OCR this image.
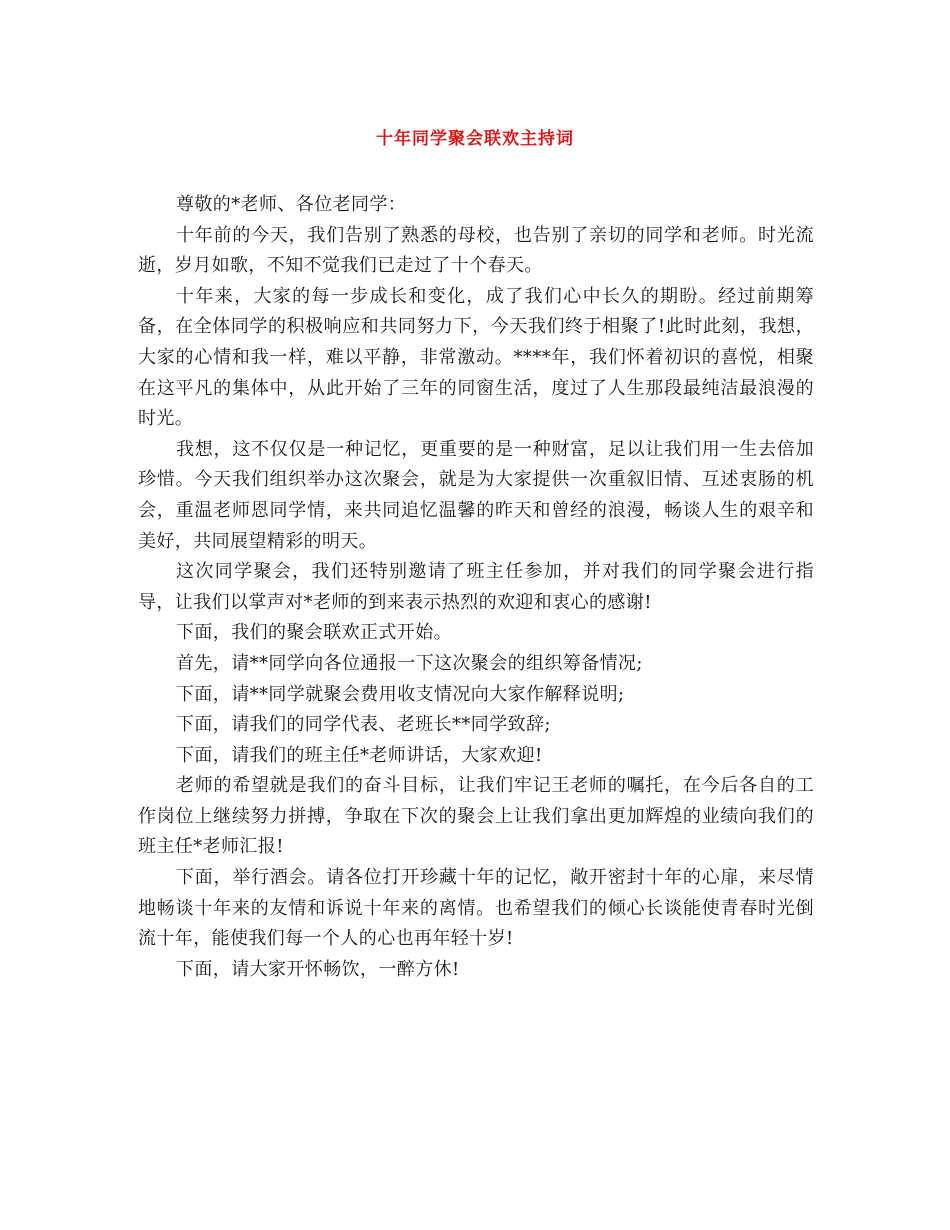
十年同学聚会联欢主持词

尊敬的*老师、各位老同学：

十年前的今天，我们告别了熟悉的母校，也告别了亲切的同学和老师。时光流逝，岁月如歌，不知不觉我们已走过了十个春天。

十年来，大家的每一步成长和变化，成了我们心中长久的期盼。经过前期筹备，在全体同学的积极响应和共同努力下，今天我们终于相聚了!此时此刻，我想，大家的心情和我一样，难以平静，非常激动。****年，我们怀着初识的喜悦，相聚在这平凡的集体中，从此开始了三年的同窗生活，度过了人生那段最纯洁最浪漫的时光。

我想，这不仅仅是一种记忆，更重要的是一种财富，足以让我们用一生去倍加珍惜。今天我们组织举办这次聚会，就是为大家提供一次重叙旧情、互述衷肠的机会，重温老师恩同学情，来共同追忆温馨的昨天和曾经的浪漫，畅谈人生的艰辛和美好，共同展望精彩的明天。

这次同学聚会，我们还特别邀请了班主任参加，并对我们的同学聚会进行指导，让我们以掌声对*老师的到来表示热烈的欢迎和衷心的感谢!

下面，我们的聚会联欢正式开始。

首先，请**同学向各位通报一下这次聚会的组织筹备情况;

下面，请**同学就聚会费用收支情况向大家作解释说明;

下面，请我们的同学代表、老班长**同学致辞;

下面，请我们的班主任*老师讲话，大家欢迎!

老师的希望就是我们的奋斗目标，让我们牢记王老师的嘱托，在今后各自的工作岗位上继续努力拼搏，争取在下次的聚会上让我们拿出更加辉煌的业绩向我们的班主任*老师汇报!

下面，举行酒会。请各位打开珍藏十年的记忆，敞开密封十年的心扉，来尽情地畅谈十年来的友情和诉说十年来的离情。也希望我们的倾心长谈能使青春时光倒流十年，能使我们每一个人的心也再年轻十岁!

下面，请大家开怀畅饮，一醉方休!
